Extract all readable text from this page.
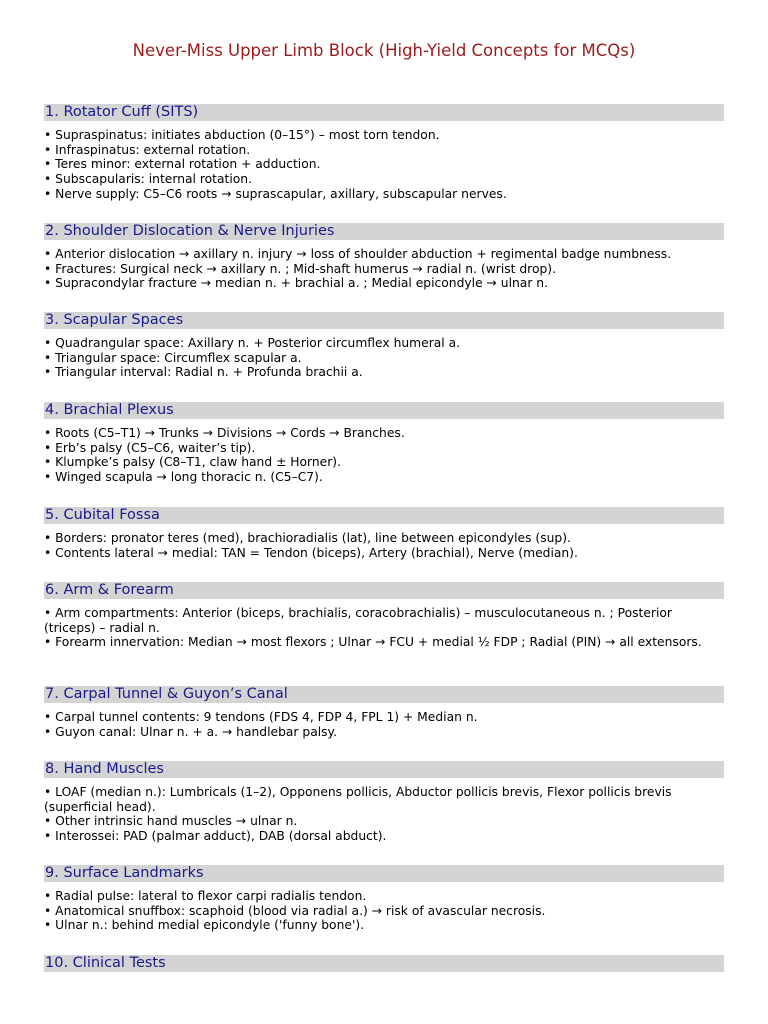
Never-Miss Upper Limb Block (High-Yield Concepts for MCQs)
1. Rotator Cuff (SITS)
• Supraspinatus: initiates abduction (0–15°) – most torn tendon.
• Infraspinatus: external rotation.
• Teres minor: external rotation + adduction.
• Subscapularis: internal rotation.
• Nerve supply: C5–C6 roots → suprascapular, axillary, subscapular nerves.
2. Shoulder Dislocation & Nerve Injuries
• Anterior dislocation → axillary n. injury → loss of shoulder abduction + regimental badge numbness.
• Fractures: Surgical neck → axillary n. ; Mid-shaft humerus → radial n. (wrist drop).
• Supracondylar fracture → median n. + brachial a. ; Medial epicondyle → ulnar n.
3. Scapular Spaces
• Quadrangular space: Axillary n. + Posterior circumflex humeral a.
• Triangular space: Circumflex scapular a.
• Triangular interval: Radial n. + Profunda brachii a.
4. Brachial Plexus
• Roots (C5–T1) → Trunks → Divisions → Cords → Branches.
• Erb’s palsy (C5–C6, waiter’s tip).
• Klumpke’s palsy (C8–T1, claw hand ± Horner).
• Winged scapula → long thoracic n. (C5–C7).
5. Cubital Fossa
• Borders: pronator teres (med), brachioradialis (lat), line between epicondyles (sup).
• Contents lateral → medial: TAN = Tendon (biceps), Artery (brachial), Nerve (median).
6. Arm & Forearm
• Arm compartments: Anterior (biceps, brachialis, coracobrachialis) – musculocutaneous n. ; Posterior (triceps) – radial n.
• Forearm innervation: Median → most flexors ; Ulnar → FCU + medial ½ FDP ; Radial (PIN) → all extensors.
7. Carpal Tunnel & Guyon’s Canal
• Carpal tunnel contents: 9 tendons (FDS 4, FDP 4, FPL 1) + Median n.
• Guyon canal: Ulnar n. + a. → handlebar palsy.
8. Hand Muscles
• LOAF (median n.): Lumbricals (1–2), Opponens pollicis, Abductor pollicis brevis, Flexor pollicis brevis (superficial head).
• Other intrinsic hand muscles → ulnar n.
• Interossei: PAD (palmar adduct), DAB (dorsal abduct).
9. Surface Landmarks
• Radial pulse: lateral to flexor carpi radialis tendon.
• Anatomical snuffbox: scaphoid (blood via radial a.) → risk of avascular necrosis.
• Ulnar n.: behind medial epicondyle ('funny bone').
10. Clinical Tests
